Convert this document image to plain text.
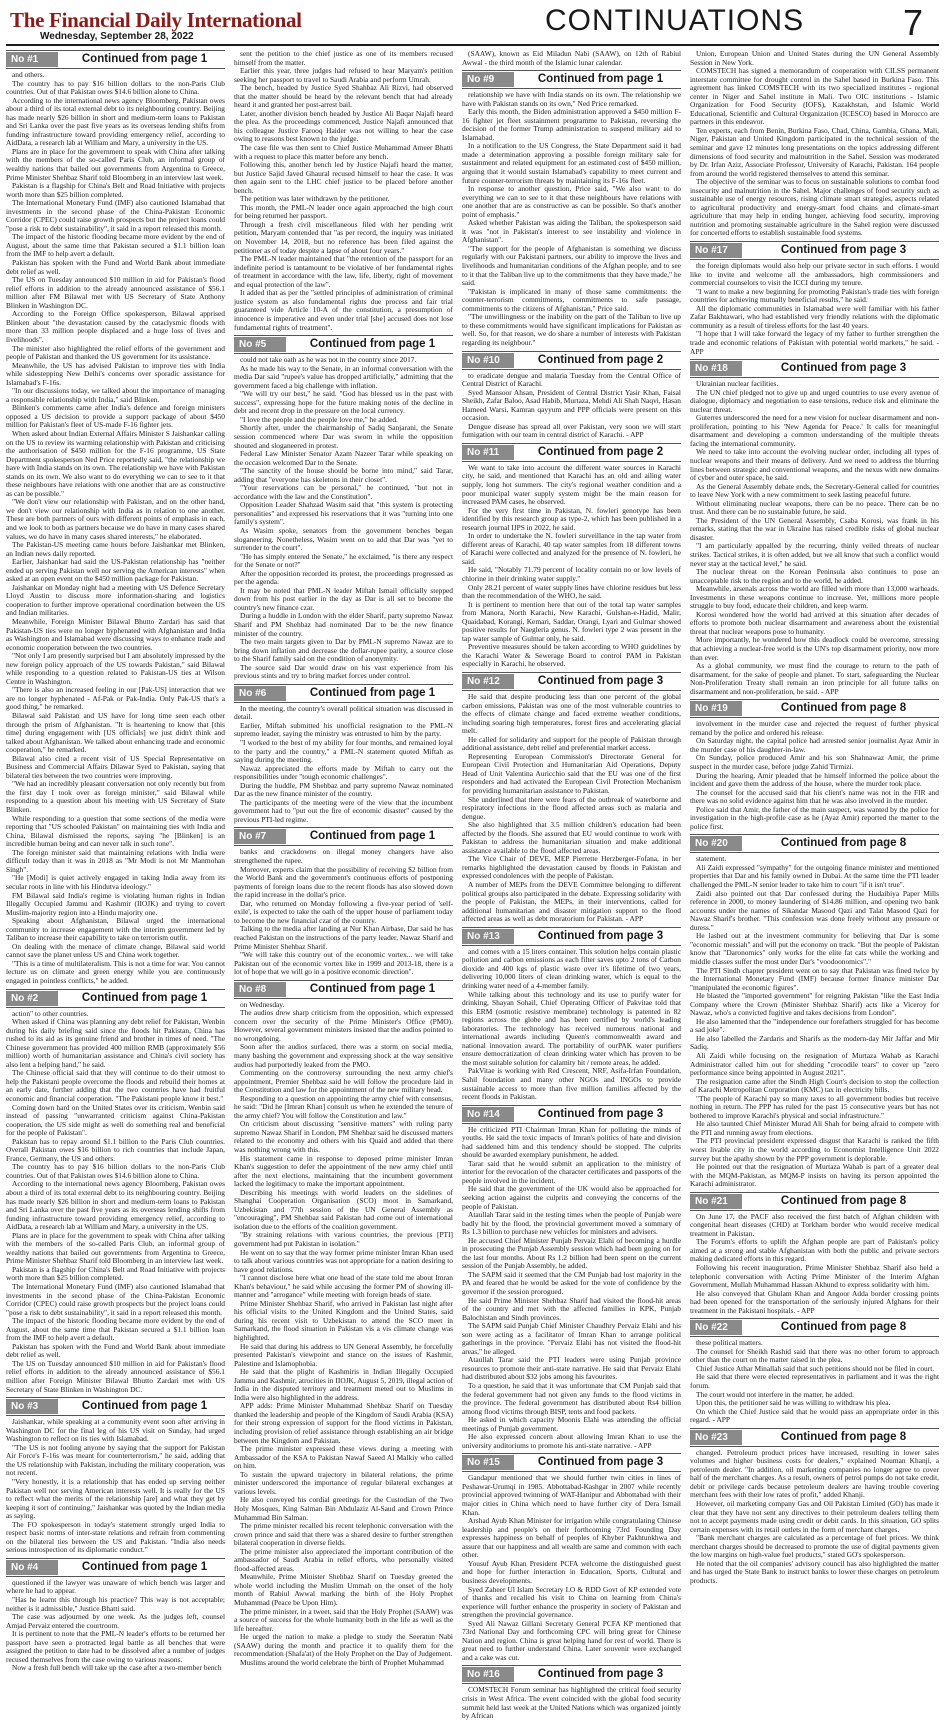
The Financial Daily International
Wednesday, September 28, 2022	CONTINUATIONS	7
No #1	Continued from page 1

and others.

The country has to pay $16 billion dollars to the non-Paris Club countries. Out of that Pakistan owes $14.6 billion alone to China.

According to the international news agency Bloomberg, Pakistan owes about a third of its total external debt to its neighbouring country. Beijing has made nearly $26 billion in short and medium-term loans to Pakistan and Sri Lanka over the past five years as its overseas lending shifts from funding infrastructure toward providing emergency relief, according to AidData, a research lab at William and Mary, a university in the US.

Plans are in place for the government to speak with China after talking with the members of the so-called Paris Club, an informal group of wealthy nations that bailed out governments from Argentina to Greece, Prime Minister Shehbaz Sharif told Bloomberg in an interview last week.

Pakistan is a flagship for China's Belt and Road Initiative with projects worth more than $25 billion completed.

The International Monetary Fund (IMF) also cautioned Islamabad that investments in the second phase of the China-Pakistan Economic Corridor (CPEC) could raise growth prospects but the project loans could "pose a risk to debt sustainability", it said in a report released this month.

The impact of the historic flooding became more evident by the end of August, about the same time that Pakistan secured a $1.1 billion loan from the IMF to help avert a default.

Pakistan has spoken with the Fund and World Bank about immediate debt relief as well.

The US on Tuesday announced $10 million in aid for Pakistan's flood relief efforts in addition to the already announced assistance of $56.1 million after FM Bilawal met with US Secretary of State Anthony Blinken in Washington DC.

According to the Foreign Office spokesperson, Bilawal apprised Blinken about "the devastation caused by the cataclysmic floods with more than 33 million people displaced and a huge loss of lives and livelihoods".

The minister also highlighted the relief efforts of the government and people of Pakistan and thanked the US government for its assistance.

Meanwhile, the US has advised Pakistan to improve ties with India while sidestepping New Delhi's concerns over sporadic assistance for Islamabad's F-16s.

"In our discussions today, we talked about the importance of managing a responsible relationship with India," said Blinken.

Blinken's comments came after India's defence and foreign ministers opposed a US decision to provide a support package of about $450 million for Pakistan's fleet of US-made F-16 fighter jets.

When asked about Indian External Affairs Minister S Jaishankar calling on the US to review its warming relationship with Pakistan and criticising the authorisation of $450 million for the F-16 programme, US State Department spokesperson Ned Price reportedly said, "the relationship we have with India stands on its own. The relationship we have with Pakistan stands on its own. We also want to do everything we can to see to it that these neighbours have relations with one another that are as constructive as can be possible."

"We don't view our relationship with Pakistan, and on the other hand, we don't view our relationship with India as in relation to one another. These are both partners of ours with different points of emphasis in each, and we look to both as partners because we do have in many cases shared values, we do have in many cases shared interests," he elaborated.

The Pakistan-US meeting came hours before Jaishankar met Blinken, an Indian news daily reported.

Earlier, Jaishankar had said the US-Pakistan relationship has "neither ended up serving Pakistan well nor serving the American interests" when asked at an open event on the $450 million package for Pakistan.

Jaishankar on Monday night had a meeting with US Defence Secretary Lloyd Austin to discuss more information-sharing and logistics cooperation to further improve operational coordination between the US and Indian militaries.

Meanwhile, Foreign Minister Bilawal Bhutto Zardari has said that Pakistan-US ties were no longer hyphenated with Afghanistan and India as Washington and Islamabad were discussing ways to enhance trade and economic cooperation between the two countries.

"Not only I am presently surprised but I am absolutely impressed by the new foreign policy approach of the US towards Pakistan," said Bilawal while responding to a question related to Pakistan-US ties at Wilson Centre in Washington.

"There is also an increased feeling in our [Pak-US] interaction that we are no longer hyphenated - Af-Pak or Pak-India. Only Pak-US that's a good thing," he remarked.

Bilawal said Pakistan and US have for long time seen each other through the prism of Afghanistan. "It is heartening to know that [this time] during engagement with [US officials] we just didn't think and talked about Afghanistan. We talked about enhancing trade and economic cooperation," he remarked.

Bilawal also cited a recent visit of US Special Representative on Business and Commercial Affairs Dilawar Syed to Pakistan, saying that bilateral ties between the two countries were improving.

"We had an incredibly pleasant conversation not only recently but from the first day I took over as foreign minister," said Bilawal while responding to a question about his meeting with US Secretary of State Blinken.

While responding to a question that some sections of the media were reporting that "US schooled Pakistan" on maintaining ties with India and China, Bilawal dismissed the reports, saying "he [Blinken] is an incredible human being and can never talk in such tone".

The foreign minister said that maintaining relations with India were difficult today than it was in 2018 as "Mr Modi is not Mr Manmohan Singh".

"He [Modi] is quiet actively engaged in taking India away from its secular roots in line with his Hindutva ideology."

FM Bilawal said India's regime is violating human rights in Indian Illegally Occupied Jammu and Kashmir (IIOJK) and trying to covert Muslim-majority region into a Hindu majority one.

Speaking about Afghanistan, Bilawal urged the international community to increase engagement with the interim government led by Taliban to increase their capability to take on terrorism outfit.

On dealing with the menace of climate change, Bilawal said world cannot save the planet unless US and China work together.

"This is a time of multilateralism. This is not a time for war. You cannot lecture us on climate and green energy while you are continuously engaged in pointless conflicts," he added.

No #2	Continued from page 1

action" to other countries.

When asked if China was planning any debt relief for Pakistan, Wenbin during his daily briefing said since the floods hit Pakistan, China has rushed to its aid as its genuine friend and brother in times of need. "The Chinese government has provided 400 million RMB (approximately $56 million) worth of humanitarian assistance and China's civil society has also lent a helping hand," he said.

The Chinese official said that they will continue to do their utmost to help the Pakistani people overcome the floods and rebuild their homes at an early date, further adding that the two countries have had fruitful economic and financial cooperation. "The Pakistani people know it best."

Coming down hard on the United States over its criticism, Wenbin said instead of passing "unwarranted criticism against China-Pakistan cooperation, the US side might as well do something real and beneficial for the people of Pakistan".

Pakistan has to repay around $1.1 billion to the Paris Club countries. Overall Pakistan owes $16 billion to rich countries that include Japan, France, Germany, the US and others.

The country has to pay $16 billion dollars to the non-Paris Club countries. Out of that Pakistan owes $14.6 billion alone to China.

According to the international news agency Bloomberg, Pakistan owes about a third of its total external debt to its neighbouring country. Beijing has made nearly $26 billion in short and medium-term loans to Pakistan and Sri Lanka over the past five years as its overseas lending shifts from funding infrastructure toward providing emergency relief, according to AidData, a research lab at William and Mary, a university in the US.

Plans are in place for the government to speak with China after talking with the members of the so-called Paris Club, an informal group of wealthy nations that bailed out governments from Argentina to Greece, Prime Minister Shehbaz Sharif told Bloomberg in an interview last week.

Pakistan is a flagship for China's Belt and Road Initiative with projects worth more than $25 billion completed.

The International Monetary Fund (IMF) also cautioned Islamabad that investments in the second phase of the China-Pakistan Economic Corridor (CPEC) could raise growth prospects but the project loans could "pose a risk to debt sustainability", it said in a report released this month.

The impact of the historic flooding became more evident by the end of August, about the same time that Pakistan secured a $1.1 billion loan from the IMF to help avert a default.

Pakistan has spoken with the Fund and World Bank about immediate debt relief as well.

The US on Tuesday announced $10 million in aid for Pakistan's flood relief efforts in addition to the already announced assistance of $56.1 million after Foreign Minister Bilawal Bhutto Zardari met with US Secretary of State Blinken in Washington DC.

No #3	Continued from page 1

Jaishankar, while speaking at a community event soon after arriving in Washington DC for the final leg of his US visit on Sunday, had urged Washington to reflect on its ties with Islamabad.

"The US is not fooling anyone by saying that the support for Pakistan Air Force's F-16s was meant for counterterrorism," he said, adding that the US relationship with Pakistan, including the military cooperation, was not recent.

"Very honestly, it is a relationship that has ended up serving neither Pakistan well nor serving American interests well. It is really for the US to reflect what the merits of the relationship [are] and what they get by keeping it sort of continuing," Jaishankar was quoted by the Indian media as saying.

The FO spokesperson in today's statement strongly urged India to respect basic norms of inter-state relations and refrain from commenting on the bilateral ties between the US and Pakistan. "India also needs serious introspection of its diplomatic conduct."

No #4	Continued from page 1

questioned if the lawyer was unaware of which bench was larger and where he had to appear.

"Has he learnt this through his practice? This way is not acceptable; neither is it admissible," Justice Bhatti said.

The case was adjourned by one week. As the judges left, counsel Amjad Pervaiz entered the courtroom.

It is pertinent to note that the PML-N leader's efforts to be returned her passport have seen a protracted legal battle as all benches that were assigned the petition to date had to be dissolved after a number of judges recused themselves from the case owing to various reasons.

Now a fresh full bench will take up the case after a two-member bench

sent the petition to the chief justice as one of its members recused himself from the matter.

Earlier this year, three judges had refused to hear Maryam's petition seeking her passport to travel to Saudi Arabia and perform Umrah.

The bench, headed by Justice Syed Shahbaz Ali Rizvi, had observed that the matter should be heard by the relevant bench that had already heard it and granted her post-arrest bail.

Later, another division bench headed by Justice Ali Baqar Najafi heard the plea. As the proceedings commenced, Justice Najafi announced that his colleague Justice Farooq Haider was not willing to hear the case owing to reasons best known to the judge.

The case file was then sent to Chief Justice Muhammad Ameer Bhatti with a request to place this matter before any bench.

Following this, another bench led by Justice Najafi heard the matter, but Justice Sajid Javed Ghaural recused himself to hear the case. It was then again sent to the LHC chief justice to be placed before another bench.

The petition was later withdrawn by the petitioner.

This month, the PML-N leader once again approached the high court for being returned her passport.

Through a fresh civil miscellaneous filed with her pending writ petition, Maryam contended that "as per record, the inquiry was initiated on November 14, 2018, but no reference has been filed against the petitioner as of today despite a lapse of about four years."

The PML-N leader maintained that "the retention of the passport for an indefinite period is tantamount to be violative of her fundamental rights of treatment in accordance with the law, life, liberty, right of movement and equal protection of the law".

It added that as per the "settled principles of administration of criminal justice system as also fundamental rights due process and fair trial guaranteed vide Article 10-A of the constitution, a presumption of innocence is imperative and even under trial [she] accused does not lose fundamental rights of treatment".

No #5	Continued from page 1

could not take oath as he was not in the country since 2017.

As he made his way to the Senate, in an informal conversation with the media Dar said "rupee's value has dropped artificially," admitting that the government faced a big challenge with inflation.

"We will try our best," he said. "God has blessed us in the past with success", expressing hope for the future making notes of the decline in debt and recent drop in the pressure on the local currency.

"I love the people and the people love me," he added.

Shortly after, under the chairmanship of Sadiq Sanjarani, the Senate session commenced where Dar was sworn in while the opposition shouted and sloganeered in protest.

Federal Law Minister Senator Azam Nazeer Tarar while speaking on the occasion welcomed Dar to the Senate.

"The sanctity of the house should be borne into mind," said Tarar, adding that "everyone has skeletons in their closet".

"Your reservations can be personal," he continued, "but not in accordance with the law and the Constitution".

Opposition Leader Shahzad Wasim said that "this system is protecting personalities" and expressed his reservations that it was "turning into one family's system".

As Wasim spoke, senators from the government benches began sloganeering. Nonetheless, Wasim went on to add that Dar was "yet to surrender to the court".

"He has simply entered the Senate," he exclaimed, "is there any respect for the Senate or not?"

After the opposition recorded its protest, the proceedings progressed as per the agenda.

It may be noted that PML-N leader Miftah Ismail officially stepped down from his post earlier in the day as Dar is all set to become the country's new finance czar.

During a huddle in London with the elder Sharif, party supremo Nawaz Sharif and PM Shehbaz had nominated Dar to be the new finance minister of the country.

The two main targets given to Dar by PML-N supremo Nawaz are to bring down inflation and decrease the dollar-rupee parity, a source close to the Sharif family said on the condition of anonymity.

The source said Dar would draw on his vast experience from his previous stints and try to bring market forces under control.

No #6	Continued from page 1

In the meeting, the country's overall political situation was discussed in detail.

Earlier, Miftah submitted his unofficial resignation to the PML-N supremo leader, saying the ministry was entrusted to him by the party.

"I worked to the best of my ability for four months, and remained loyal to the party and the country," a PML-N statement quoted Miftah as saying during the meeting.

Nawaz appreciated the efforts made by Miftah to carry out the responsibilities under "tough economic challenges".

During the huddle, PM Shehbaz and party supremo Nawaz nominated Dar as the new finance minister of the country.

The participants of the meeting were of the view that the incumbent government had to "put out the fire of economic disaster" caused by the previous PTI-led regime.

No #7	Continued from page 1

banks and crackdowns on illegal money changers have also strengthened the rupee.

Moreover, experts claim that the possibility of receiving $2 billion from the World Bank and the government's continuous efforts of postponing payments of foreign loans due to the recent floods has also slowed down the rapid increase in the dollar's price.

Dar, who returned on Monday following a five-year period of 'self-exile', is expected to take the oath of the upper house of parliament today to become the new financial czar of the country.

Talking to the media after landing at Nur Khan Airbase, Dar said he has reached Pakistan on the instructions of the party leader, Nawaz Sharif and Prime Minister Shehbaz Sharif.

"We will take this country out of the economic vortex... we will take Pakistan out of the economic vortex like in 1999 and 2013-18, there is a lot of hope that we will go in a positive economic direction".

No #8	Continued from page 1

on Wednesday.

The audios drew sharp criticism from the opposition, which expressed concern over the security of the Prime Minister's Office (PMO). However, several government ministers insisted that the audios pointed to no wrongdoing.

Soon after the audios surfaced, there was a storm on social media, many bashing the government and expressing shock at the way sensitive audios had purportedly leaked from the PMO.

Commenting on the controversy surrounding the next army chief's appointment, Premier Shehbaz said he will follow the procedure laid in the Constitution and law for the appointment of the new military head.

Responding to a question on appointing the army chief with consensus, he said: "Did he [Imran Khan] consult us when he extended the tenure of the army chief? You will follow the Constitution and law."

On criticism about discussing "sensitive matters" with ruling party supremo Nawaz Sharif in London, PM Shehbaz said he discussed matters related to the economy and others with his Quaid and added that there was nothing wrong with this.

His statement came in response to deposed prime minister Imran Khan's suggestion to defer the appointment of the new army chief until after the next elections, maintaining that the incumbent government lacked the legitimacy to make the important appointment.

Describing his meetings with world leaders on the sidelines of Shanghai Cooperation Organisation (SCO) moot in Samarkand, Uzbekistan and 77th session of the UN General Assembly as "encouraging", PM Shehbaz said Pakistan had come out of international isolation due to the efforts of the coalition government.

"By straining relations with various countries, the previous [PTI] government had put Pakistan in isolation."

He went on to say that the way former prime minister Imran Khan used to talk about various countries was not appropriate for a nation desiring to have good relations.

"I cannot disclose here what one head of the state told me about Imran Khan's behaviour," he said while accusing the former PM of showing ill-manner and "arrogance" while meeting with foreign heads of state.

Prime Minister Shehbaz Sharif, who arrived in Pakistan last night after his official visits to the United Kingdom and the United States, said during his recent visit to Uzbekistan to attend the SCO meet in Samarkand, the flood situation in Pakistan vis a vis climate change was highlighted.

He said that during his address to UN General Assembly, he forcefully presented Pakistan's viewpoint and stance on the issues of Kashmir, Palestine and Islamophobia.

He said that the plight of Kashmiris in Indian Illegally Occupied Jammu and Kashmir, atrocities in IIOJK, August 5, 2019, illegal action of India in the disputed territory and treatment meted out to Muslims in India were also highlighted in the address.

APP adds: Prime Minister Muhammad Shehbaz Sharif on Tuesday thanked the leadership and people of the Kingdom of Saudi Arabia (KSA) for their strong expression of support for the flood victims in Pakistan, including provision of relief assistance through establishing an air bridge between the Kingdom and Pakistan.

The prime minister expressed these views during a meeting with Ambassador of the KSA to Pakistan Nawaf Saeed Al Malkiy who called on him.

To sustain the upward trajectory in bilateral relations, the prime minister underscored the importance of regular bilateral exchanges at various levels.

He also conveyed his cordial greetings for the Custodian of the Two Holy Mosques, King Salman Bin Abdulaziz Al-Saud and Crown Prince Muhammad Bin Salman.

The prime minister recalled his recent telephonic conversation with the crown prince and said that there was a shared desire to further strengthen bilateral cooperation in diverse fields.

The prime minister also appreciated the important contribution of the ambassador of Saudi Arabia in relief efforts, who personally visited flood-affected areas.

Meanwhile, Prime Minister Shehbaz Sharif on Tuesday greeted the whole world including the Muslim Ummah on the onset of the holy month of Rabiul Awwal marking the birth of the Holy Prophet Muhammad (Peace be Upon Him).

The prime minister, in a tweet, said that the Holy Prophet (SAAW) was a source of success for the whole humanity both in the life as well as the life hereafter.

He urged the nation to make a pledge to study the Seeratun Nabi (SAAW) during the month and practice it to qualify them for the recommendation (Shafa'at) of the Holy Prophet on the Day of Judgement.

Muslims around the world celebrate the birth of Prophet Muhammad

(SAAW), known as Eid Miladun Nabi (SAAW), on 12th of Rabiul Awwal - the third month of the Islamic lunar calendar.

No #9	Continued from page 1

relationship we have with India stands on its own. The relationship we have with Pakistan stands on its own," Ned Price remarked.

Early this month, the Biden administration approved a $450 million F-16 fighter jet fleet sustainment programme to Pakistan, reversing the decision of the former Trump administration to suspend military aid to Islamabad.

In a notification to the US Congress, the State Department said it had made a determination approving a possible foreign military sale for sustainment and related equipment for an estimated cost of $450 million, arguing that it would sustain Islamabad's capability to meet current and future counter-terrorism threats by maintaining its F-16s fleet.

In response to another question, Price said, "We also want to do everything we can to see to it that these neighbours have relations with one another that are as constructive as can be possible. So that's another point of emphasis."

Asked whether Pakistan was aiding the Taliban, the spokesperson said it was "not in Pakistan's interest to see instability and violence in Afghanistan".

"The support for the people of Afghanistan is something we discuss regularly with our Pakistani partners, our ability to improve the lives and livelihoods and humanitarian conditions of the Afghan people, and to see to it that the Taliban live up to the commitments that they have made," he said.

"Pakistan is implicated in many of those same commitments: the counter-terrorism commitments, commitments to safe passage, commitments to the citizens of Afghanistan," Price said.

"The unwillingness or the inability on the part of the Taliban to live up to these commitments would have significant implications for Pakistan as well. So, for that reason, we do share a number of interests with Pakistan regarding its neighbour."

No #10	Continued from page 2

to eradicate dengue and malaria Tuesday from the Central Office of Central District of Karachi.

Syed Mansoor Ahsan, President of Central District Yasir Khan, Faisal Sheikh, Zafar Baloo, Asad Habib, Murtaza, Mehdi Ali Shah Naqvi, Hasan Hameed Warsi, Kamran qayyum and PPP officials were present on this occasion.

Dengue disease has spread all over Pakistan, very soon we will start fumigation with our team in central district of Karachi. - APP

No #11	Continued from page 2

We want to take into account the different water sources in Karachi city, he said, and mentioned that Karachi has an old and ailing water supply, long hot summers. The city's regional weather condition and a poor municipal water supply system might be the main reason for increased PAM cases, he observed.

For the very first time in Pakistan, N. fowleri genotype has been identified by this research group as type-2, which has been published in a research journal IJPS in 2022, he said.

In order to undertake the N. fowleri surveillance in the tap water from different areas of Karachi, 40 tap water samples from 18 different towns of Karachi were collected and analyzed for the presence of N. fowleri, he said.

He said, "Notably 71.79 percent of locality contain no or low levels of chlorine in their drinking water supply."

Only 28.21 percent of water supply lines have chlorine residues but less than the recommendation of the WHO, he said.

It is pertinent to mention here that out of the total tap water samples from Manora, North Karachi, New Karachi, Gulshan-e-Hadid, Malir, Quaidabad, Korangi, Kemari, Saddar, Orangi, Lyari and Gulmar showed positive results for Naegleria genus. N. fowleri type 2 was present in the tap water sample of Gulmar only, he said.

Preventive measures should be taken according to WHO guidelines by the Karachi Water & Sewerage Board to control PAM in Pakistan especially in Karachi, he observed.

No #12	Continued from page 3

He said that despite producing less than one percent of the global carbon emissions, Pakistan was one of the most vulnerable countries to the effects of climate change and faced extreme weather conditions, including soaring high temperatures, forest fires and accelerating glacial melt.

He called for solidarity and support for the people of Pakistan through additional assistance, debt relief and preferential market access.

Representing European Commission's Directorate General for European Civil Protection and Humanitarian Aid Operations, Deputy Head of Unit Valentina Auricchio said that the EU was one of the first responders and had activated the European Civil Protection Mechanism for providing humanitarian assistance to Pakistan.

She underlined that there were fears of the outbreak of waterborne and respiratory infections in the flood affected areas such as malaria and dengue.

She also highlighted that 3.5 million children's education had been affected by the floods. She assured that EU would continue to work with Pakistan to address the humanitarian situation and make additional assistance available to the flood affected areas.

The Vice Chair of DEVE, MEP Pierrette Herzberger-Fofana, in her remarks highlighted the devastation caused by floods in Pakistan and expressed condolences with the people of Pakistan.

A number of MEPs from the DEVE Committee belonging to different political groups also participated in the debate. Expressing solidarity with the people of Pakistan, the MEPs, in their interventions, called for additional humanitarian and disaster mitigation support to the flood affected areas as well as debt moratorium for Pakistan. - APP

No #13	Continued from page 3

and comes with a 15 liters container. This solution helps contain plastic pollution and carbon emissions as each filter saves upto 2 tons of Carbon dioxide and 400 kgs of plastic waste over it's lifetime of two years, delivering 10,000 liters of clean drinking water, which is equal to the drinking water need of a 4-member family.

While talking about this technology and its use to purify water for drinking, Shayan Sohail, Chief Operating Officer of Pakvitae told that this ERM (osmotic resistive membrane) technology is patented in 82 regions across the globe and has been certified by world's leading laboratories. The technology has received numerous national and international awards including Queen's commonwealth award and national innovation award. The portability of ourPAK water purifiers ensure democratization of clean drinking water which has proven to be the most suitable solution for calamity hit / remote areas, he added.

PakVitae is working with Red Crescent, NRF, Asifa-Irfan Foundation, Sahil foundation and many other NGOs and INGOs to provide sustainable access to more than five million families affected by the recent floods in Pakistan.

No #14	Continued from page 3

He criticized PTI Chairman Imran Khan for polluting the minds of youths. He said the toxic impacts of Imran's politics of hate and division had saddened him and this tendency should be stopped. The culprits should be awarded exemplary punishment, he added.

Tarar said that he would submit an application to the ministry of interior for the revocation of the character certificates and passports of the people involved in the incident.

He said that the government of the UK would also be approached for seeking action against the culprits and conveying the concerns of the people of Pakistan.

Ataullah Tarar said in the testing times when the people of Punjab were badly hit by the flood, the provincial government moved a summary of Rs 1.3 billion to purchase new vehicles for ministers and advisers.

He accused Chief Minister Punjab Pervaiz Elahi of becoming a hurdle in prosecuting the Punjab Assembly session which had been going on for the last four months. About Rs 1.2 billion had been spent on the current session of the Punjab Assembly, he added.

The SAPM said it seemed that the CM Punjab had lost majority in the PA and feared that he would be asked for the vote of confidence by the governor if the session prorogued.

He said Prime Minister Shehbaz Sharif had visited the flood-hit areas of the country and met with the affected families in KPK, Punjab Balochistan and Sindh provinces.

The SAPM said Punjab Chief Minister Chaudhry Pervaiz Elahi and his son were acting as a facilitator of Imran Khan to arrange political gatherings in the province. "Pervaiz Elahi has not visited the flood-hit areas," he alleged.

Ataullah Tarar said the PTI leaders were using Punjab province resources to promote their anti-state narrative. He said that Pervaiz Elahi had distributed about $32 jobs among his favourites.

To a question, he said that it was unfortunate that CM Punjab said that the federal government had not given any funds to the flood victims in the province. The federal government has distributed about Rs4 billion among flood victims through BISP, tents and food packets.

He asked in which capacity Moonis Elahi was attending the official meetings of Punjab government.

He also expressed concern about allowing Imran Khan to use the university auditoriums to promote his anti-state narrative. - APP

No #15	Continued from page 3

Gandapur mentioned that we should further twin cities in lines of Peshawar-Urumqi in 1985. Abbottabad-Kashgar in 2007 while recently provincial approved twinning of WAT-Hanipur and Abbottabad with their major cities in China which need to have further city of Dera Ismail Khan.

Arshad Ayub Khan Minister for irrigation while congratulating Chinese leadership and people's on their forthcoming 73rd Founding Day expresses happiness on behalf of peoples of Khyber Pakhtunkhwa and assure that our happiness and all wealth are same and common with each other.

Yousuf Ayub Khan President PCFA welcome the distinguished guest and hope for further interaction in Education, Sports, Cultural and business developments.

Syed Zaheer Ul Islam Secretary I.O & RDD Govt of KP extended vote of thanks and recalled his visit to China on learning from China's experience will further enhance the prosperity in society of Pakistan and strengthen the provincial governance.

Syed Ali Nawaz Gillani Secretary General PCFA KP mentioned that 73rd National Day and forthcoming CPC will bring great for Chinese Nation and region. China is great helping hand for rest of world. There is great need to further understand China. Later souvenir were exchanged and a cake was cut.

No #16	Continued from page 3

COMSTECH Forum seminar has highlighted the critical food security crisis in West Africa. The event coincided with the global food security summit held last week at the United Nations which was organized jointly by African

Union, European Union and United States during the UN General Assembly Session in New York.

COMSTECH has signed a memorandum of cooperation with CILSS permanent interstate committee for drought control in the Sahel based in Burkina Faso. This agreement has linked COMSTECH with its two specialized institutes - regional center in Niger and Sahel institute in Mali. Two OIC institutions - Islamic Organization for Food Security (IOFS), Kazakhstan, and Islamic World Educational, Scientific and Cultural Organization (ICESCO) based in Morocco are partners in this endeavor.

Ten experts, each from Benin, Burkina Faso, Chad, China, Gambia, Ghana, Mali, Niger, Pakistan and United Kingdom participated in the technical session of the seminar and gave 12 minutes long presentations on the topics addressing different dimensions of food security and malnutrition in the Sahel. Session was moderated by Dr. Irfan Aziz, Associate Professor, University of Karachi, Pakistan. 164 people from around the world registered themselves to attend this seminar.

The objective of the seminar was to focus on sustainable solutions to combat food insecurity and malnutrition in the Sahel. Major challenges of food security such as sustainable use of energy resources, rising climate smart strategies, aspects related to agricultural productivity and energy-smart food chains and climate-smart agriculture that may help in ending hunger, achieving food security, improving nutrition and promoting sustainable agriculture in the Sahel region were discussed for concerted efforts to establish sustainable food systems.

No #17	Continued from page 3

the foreign diplomats would also help our private sector in such efforts. I would like to invite and welcome all the ambassadors, high commissioners and commercial counselors to visit the ICCI during my tenure.

"I want to make a new beginning for promoting Pakistan's trade ties with foreign countries for achieving mutually beneficial results," he said.

All the diplomatic communities in Islamabad were well familiar with his father Zafar Bakhtawari, who had established very friendly relations with the diplomatic community as a result of tireless efforts for the last 40 years.

"I hope that I will take forward the legacy of my father to further strengthen the trade and economic relations of Pakistan with potential world markets," he said. - APP

No #18	Continued from page 3

Ukrainian nuclear facilities.

The UN chief pledged not to give up and urged countries to use every avenue of dialogue, diplomacy and negotiation to ease tensions, reduce risk and eliminate the nuclear threat.

Guterres underscored the need for a new vision for nuclear disarmament and non-proliferation, pointing to his 'New Agenda for Peace.' It calls for meaningful disarmament and developing a common understanding of the multiple threats facing the international community.

We need to take into account the evolving nuclear order, including all types of nuclear weapons and their means of delivery. And we need to address the blurring lines between strategic and conventional weapons, and the nexus with new domains of cyber and outer space, he said.

As the General Assembly debate ends, the Secretary-General called for countries to leave New York with a new commitment to seek lasting peaceful future.

Without eliminating nuclear weapons, there can be no peace. There can be no trust. And there can be no sustainable future, he said.

The President of the UN General Assembly, Csaba Korosi, was frank in his remarks, stating that the war in Ukraine has raised credible risks of global nuclear disaster.

"I am particularly appalled by the recurring, thinly veiled threats of nuclear strikes. Tactical strikes, it is often added, but we all know that such a conflict would never stay at the tactical level," he said.

The nuclear threat on the Korean Peninsula also continues to pose an unacceptable risk to the region and to the world, he added.

Meanwhile, arsenals across the world are filled with more than 13,000 warheads. Investments in these weapons continue to increase. Yet, millions more people struggle to buy food, educate their children, and keep warm.

Korosi wondered how the world had arrived at this situation after decades of efforts to promote both nuclear disarmament and awareness about the existential threat that nuclear weapons pose to humanity.

More importantly, he wondered how this deadlock could be overcome, stressing that achieving a nuclear-free world is the UN's top disarmament priority, now more than ever.

As a global community, we must find the courage to return to the path of disarmament, for the sake of people and planet. To start, safeguarding the Nuclear Non-Proliferation Treaty shall remain an iron principle for all future talks on disarmament and non-proliferation, he said. - APP

No #19	Continued from page 8

involvement in the murder case and rejected the request of further physical remand by the police and ordered his release.

On Saturday night, the capital police had arrested senior journalist Ayaz Amir in the murder case of his daughter-in-law.

On Sunday, police produced Amir and his son Shahnawaz Amir, the prime suspect in the murder case, before judge Zahid Tirmizi.

During the hearing, Amir pleaded that he himself informed the police about the incident and gave them the address of the house, where the murder took place.

The counsel for the accused said that his client's name was not in the FIR and there was no solid evidence against him that he was also involved in the murder.

Police said that Amir, the father of the main suspect, was wanted by the police for investigation in the high-profile case as he (Ayaz Amir) reported the matter to the police first.

No #20	Continued from page 8

statement.

Ali Zaidi expressed "sympathy" for the outgoing finance minister and mentioned properties that Dar and his family owned in Dubai. At the same time the PTI leader challenged the PML-N senior leader to take him to court "if it isn't true".

Zaidi also pointed out that Dar confessed during the Hudaibiya Paper Mills reference in 2000, to money laundering of $14.86 million, and opening two bank accounts under the names of Sikandar Masood Qazi and Talat Masood Qazi for Nawaz Sharif's brother. "This confession was done freely without any pressure or duress."

He lashed out at the investment community for believing that Dar is some "economic messiah" and will put the economy on track. "But the people of Pakistan know that "Daronomics" only works for the elite fat cats while the working and middle classes suffer the most under Dar's "voodoonomics"."

The PTI Sindh chapter president went on to say that Pakistan was fined twice by the International Monetary Fund (IMF) because former finance minister Dar "manipulated the economic figures".

He blasted the "imported government" for reigning Pakistan "like the East India Company where the Crown (Minister Shehbaz Sharif) acts like a Viceroy for Nawaz, who's a convicted fugitive and takes decisions from London".

He also lamented that the "independence our forefathers struggled for has become a sad joke".

He also labelled the Zardaris and Sharifs as the modern-day Mir Jaffar and Mir Sadiq.

Ali Zaidi while focusing on the resignation of Murtaza Wahab as Karachi Administrator called him out for shedding "crocodile tears" to cover up "zero performance since being appointed in August 2021".

The resignation came after the Sindh High Court's decision to stop the collection of Karachi Metropolitan Corporation (KMC) tax in electricity bills.

"The people of Karachi pay so many taxes to all government bodies but receive nothing in return. The PPP has ruled for the past 15 consecutive years but has not bothered to improve Karachi's physical and social infrastructure."

He also taunted Chief Minister Murad Ali Shah for being afraid to compete with the PTI and running away from elections.

The PTI provincial president expressed disgust that Karachi is ranked the fifth worst livable city in the world according to Economist Intelligence Unit 2022 survey but the apathy shown by the PPP government is deplorable.

He pointed out that the resignation of Murtaza Wahab is part of a greater deal with the MQM-Pakistan, as MQM-P insists on having its person appointed the Karachi administrator.

No #21	Continued from page 8

On June 17, the PACF also received the first batch of Afghan children with congenital heart diseases (CHD) at Torkham border who would receive medical treatment in Pakistan.

The Forum's efforts to uplift the Afghan people are part of Pakistan's policy aimed at a strong and stable Afghanistan with both the public and private sectors making dedicated efforts in this regard.

Following his recent inauguration, Prime Minister Shehbaz Sharif also held a telephonic conversation with Acting Prime Minister of the Interim Afghan Government, Mullah Muhammad Hassan Akhund to express solidarity with him.

He also conveyed that Ghulam Khan and Angoor Adda border crossing points had been opened for the transportation of the seriously injured Afghans for their treatment in the Pakistani hospitals. - APP

No #22	Continued from page 8

these political matters.

The counsel for Sheikh Rashid said that there was no other forum to approach other than the court on the matter raised in the plea.

Chief Justice Athar Minallah said that such petitions should not be filed in court.

He said that there were elected representatives in parliament and it was the right forum.

The court would not interfere in the matter, he added.

Upon this, the petitioner said he was willing to withdraw his plea.

On which the Chief Justice said that he would pass an appropriate order in this regard. - APP

No #23	Continued from page 8

changed. Petroleum product prices have increased, resulting in lower sales volumes and higher business costs for dealers," explained Nouman Khanji, a petroleum dealer. "In addition, oil marketing companies no longer agree to cover half of the merchant charges. As a result, owners of petrol pumps do not take credit, debit or privilege cards because petroleum dealers are having trouble covering merchant fees with their low rates of profit," added Khanji.

However, oil marketing company Gas and Oil Pakistan Limited (GO) has made it clear that they have not sent any directives to their petroleum dealers telling them not to accept payments made using credit or debit cards. In this situation, GO splits certain expenses with its retail outlets in the form of merchant charges.

"Bank merchant charges are calculated as a percentage of fuel prices. We think merchant charges should be decreased to promote the use of digital payments given the low margins on high-value fuel products," stated GO's spokesperson.

He noted that the oil companies' advisory council has also highlighted the matter and has urged the State Bank to instruct banks to lower these charges on petroleum products.
